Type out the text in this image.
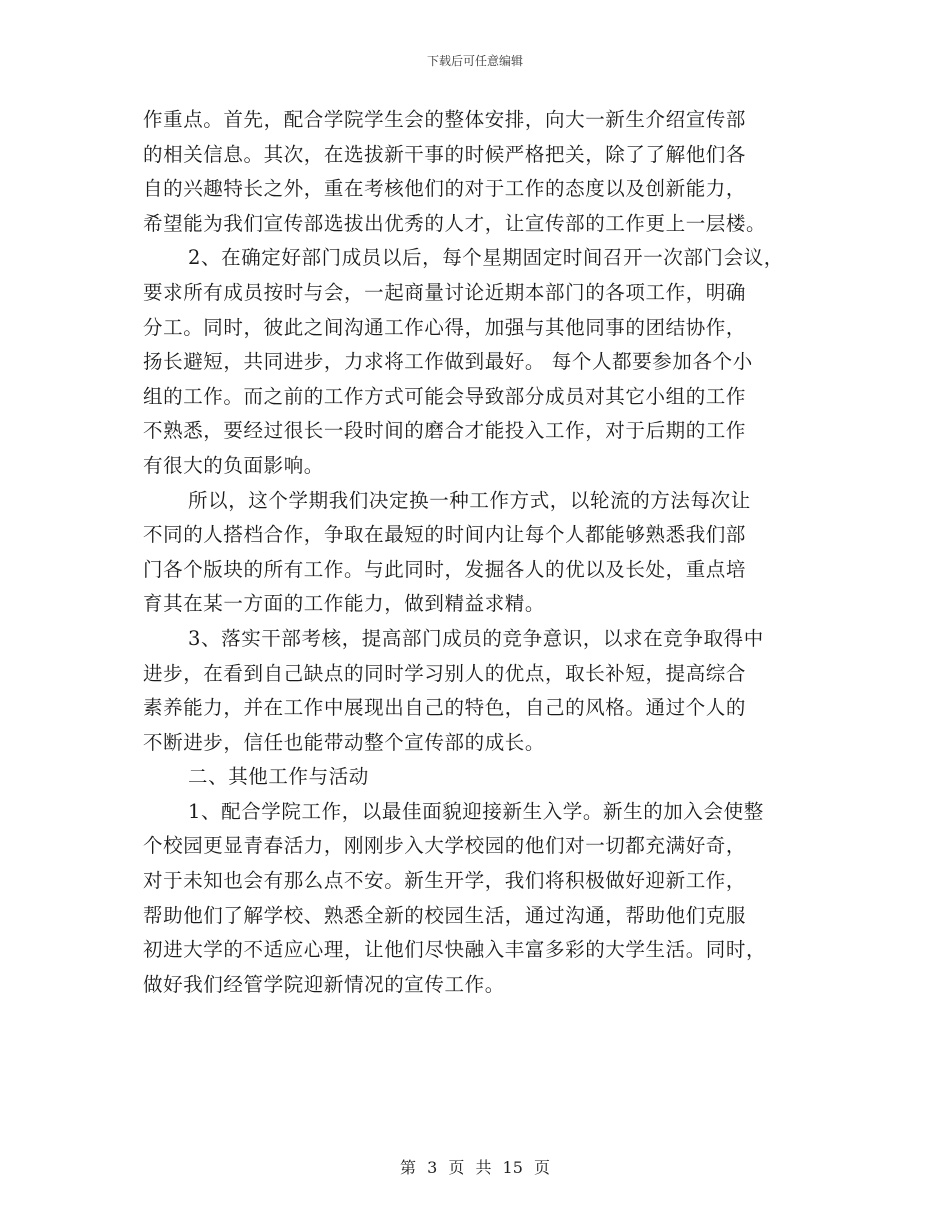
下载后可任意编辑
作重点。首先，配合学院学生会的整体安排，向大一新生介绍宣传部
的相关信息。其次，在选拔新干事的时候严格把关，除了了解他们各
自的兴趣特长之外，重在考核他们的对于工作的态度以及创新能力，
希望能为我们宣传部选拔出优秀的人才，让宣传部的工作更上一层楼。
2、在确定好部门成员以后，每个星期固定时间召开一次部门会议，
要求所有成员按时与会，一起商量讨论近期本部门的各项工作，明确
分工。同时，彼此之间沟通工作心得，加强与其他同事的团结协作，
扬长避短，共同进步，力求将工作做到最好。 每个人都要参加各个小
组的工作。而之前的工作方式可能会导致部分成员对其它小组的工作
不熟悉，要经过很长一段时间的磨合才能投入工作，对于后期的工作
有很大的负面影响。
所以，这个学期我们决定换一种工作方式，以轮流的方法每次让
不同的人搭档合作，争取在最短的时间内让每个人都能够熟悉我们部
门各个版块的所有工作。与此同时，发掘各人的优以及长处，重点培
育其在某一方面的工作能力，做到精益求精。
3、落实干部考核，提高部门成员的竞争意识，以求在竞争取得中
进步，在看到自己缺点的同时学习别人的优点，取长补短，提高综合
素养能力，并在工作中展现出自己的特色，自己的风格。通过个人的
不断进步，信任也能带动整个宣传部的成长。
二、其他工作与活动
1、配合学院工作，以最佳面貌迎接新生入学。新生的加入会使整
个校园更显青春活力，刚刚步入大学校园的他们对一切都充满好奇，
对于未知也会有那么点不安。新生开学，我们将积极做好迎新工作，
帮助他们了解学校、熟悉全新的校园生活，通过沟通，帮助他们克服
初进大学的不适应心理，让他们尽快融入丰富多彩的大学生活。同时，
做好我们经管学院迎新情况的宣传工作。
第 3 页 共 15 页
